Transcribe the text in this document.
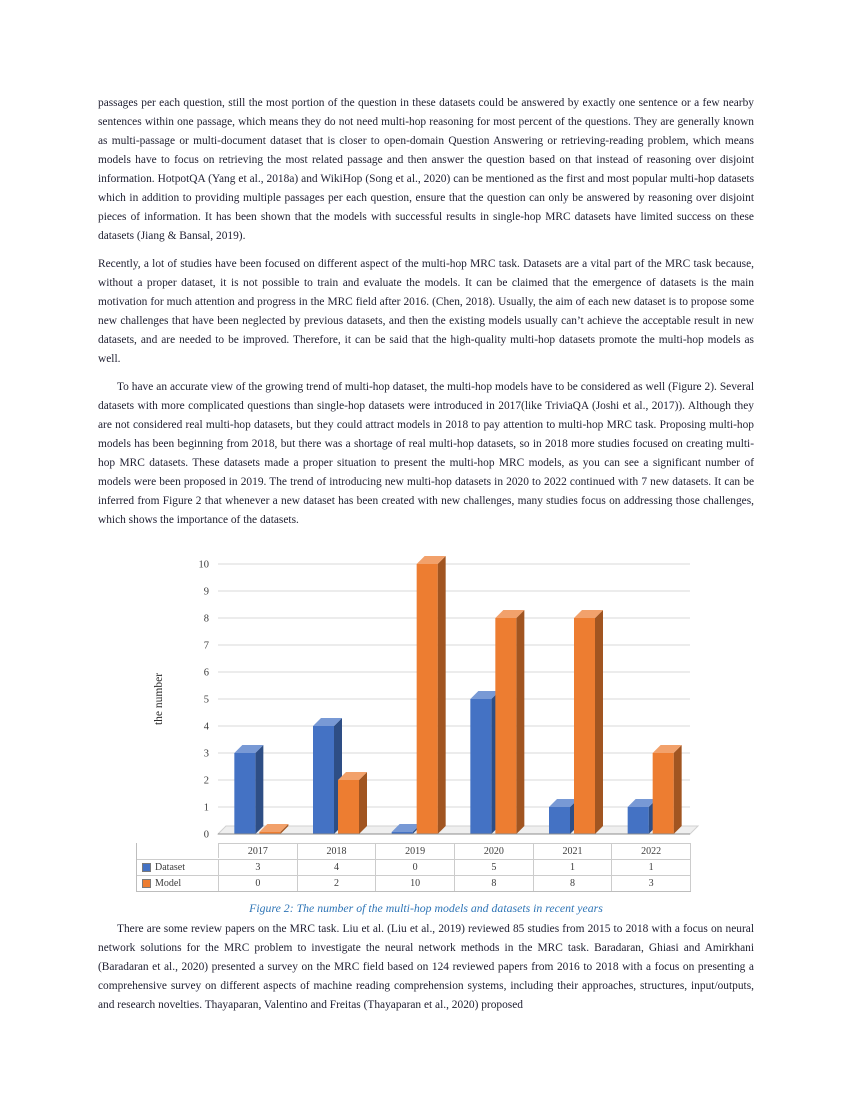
passages per each question, still the most portion of the question in these datasets could be answered by exactly one sentence or a few nearby sentences within one passage, which means they do not need multi-hop reasoning for most percent of the questions. They are generally known as multi-passage or multi-document dataset that is closer to open-domain Question Answering or retrieving-reading problem, which means models have to focus on retrieving the most related passage and then answer the question based on that instead of reasoning over disjoint information. HotpotQA (Yang et al., 2018a) and WikiHop (Song et al., 2020) can be mentioned as the first and most popular multi-hop datasets which in addition to providing multiple passages per each question, ensure that the question can only be answered by reasoning over disjoint pieces of information. It has been shown that the models with successful results in single-hop MRC datasets have limited success on these datasets (Jiang & Bansal, 2019).

Recently, a lot of studies have been focused on different aspect of the multi-hop MRC task. Datasets are a vital part of the MRC task because, without a proper dataset, it is not possible to train and evaluate the models. It can be claimed that the emergence of datasets is the main motivation for much attention and progress in the MRC field after 2016. (Chen, 2018). Usually, the aim of each new dataset is to propose some new challenges that have been neglected by previous datasets, and then the existing models usually can’t achieve the acceptable result in new datasets, and are needed to be improved. Therefore, it can be said that the high-quality multi-hop datasets promote the multi-hop models as well.

To have an accurate view of the growing trend of multi-hop dataset, the multi-hop models have to be considered as well (Figure 2). Several datasets with more complicated questions than single-hop datasets were introduced in 2017(like TriviaQA (Joshi et al., 2017)). Although they are not considered real multi-hop datasets, but they could attract models in 2018 to pay attention to multi-hop MRC task. Proposing multi-hop models has been beginning from 2018, but there was a shortage of real multi-hop datasets, so in 2018 more studies focused on creating multi-hop MRC datasets. These datasets made a proper situation to present the multi-hop MRC models, as you can see a significant number of models were been proposed in 2019. The trend of introducing new multi-hop datasets in 2020 to 2022 continued with 7 new datasets. It can be inferred from Figure 2 that whenever a new dataset has been created with new challenges, many studies focus on addressing those challenges, which shows the importance of the datasets.

0
1
2
3
4
5
6
7
8
9
10
the number
2017	2018	2019	2020	2021	2022
Dataset	3	4	0	5	1	1
Model	0	2	10	8	8	3
Figure 2: The number of the multi-hop models and datasets in recent years

There are some review papers on the MRC task. Liu et al. (Liu et al., 2019) reviewed 85 studies from 2015 to 2018 with a focus on neural network solutions for the MRC problem to investigate the neural network methods in the MRC task. Baradaran, Ghiasi and Amirkhani (Baradaran et al., 2020) presented a survey on the MRC field based on 124 reviewed papers from 2016 to 2018 with a focus on presenting a comprehensive survey on different aspects of machine reading comprehension systems, including their approaches, structures, input/outputs, and research novelties. Thayaparan, Valentino and Freitas (Thayaparan et al., 2020) proposed
